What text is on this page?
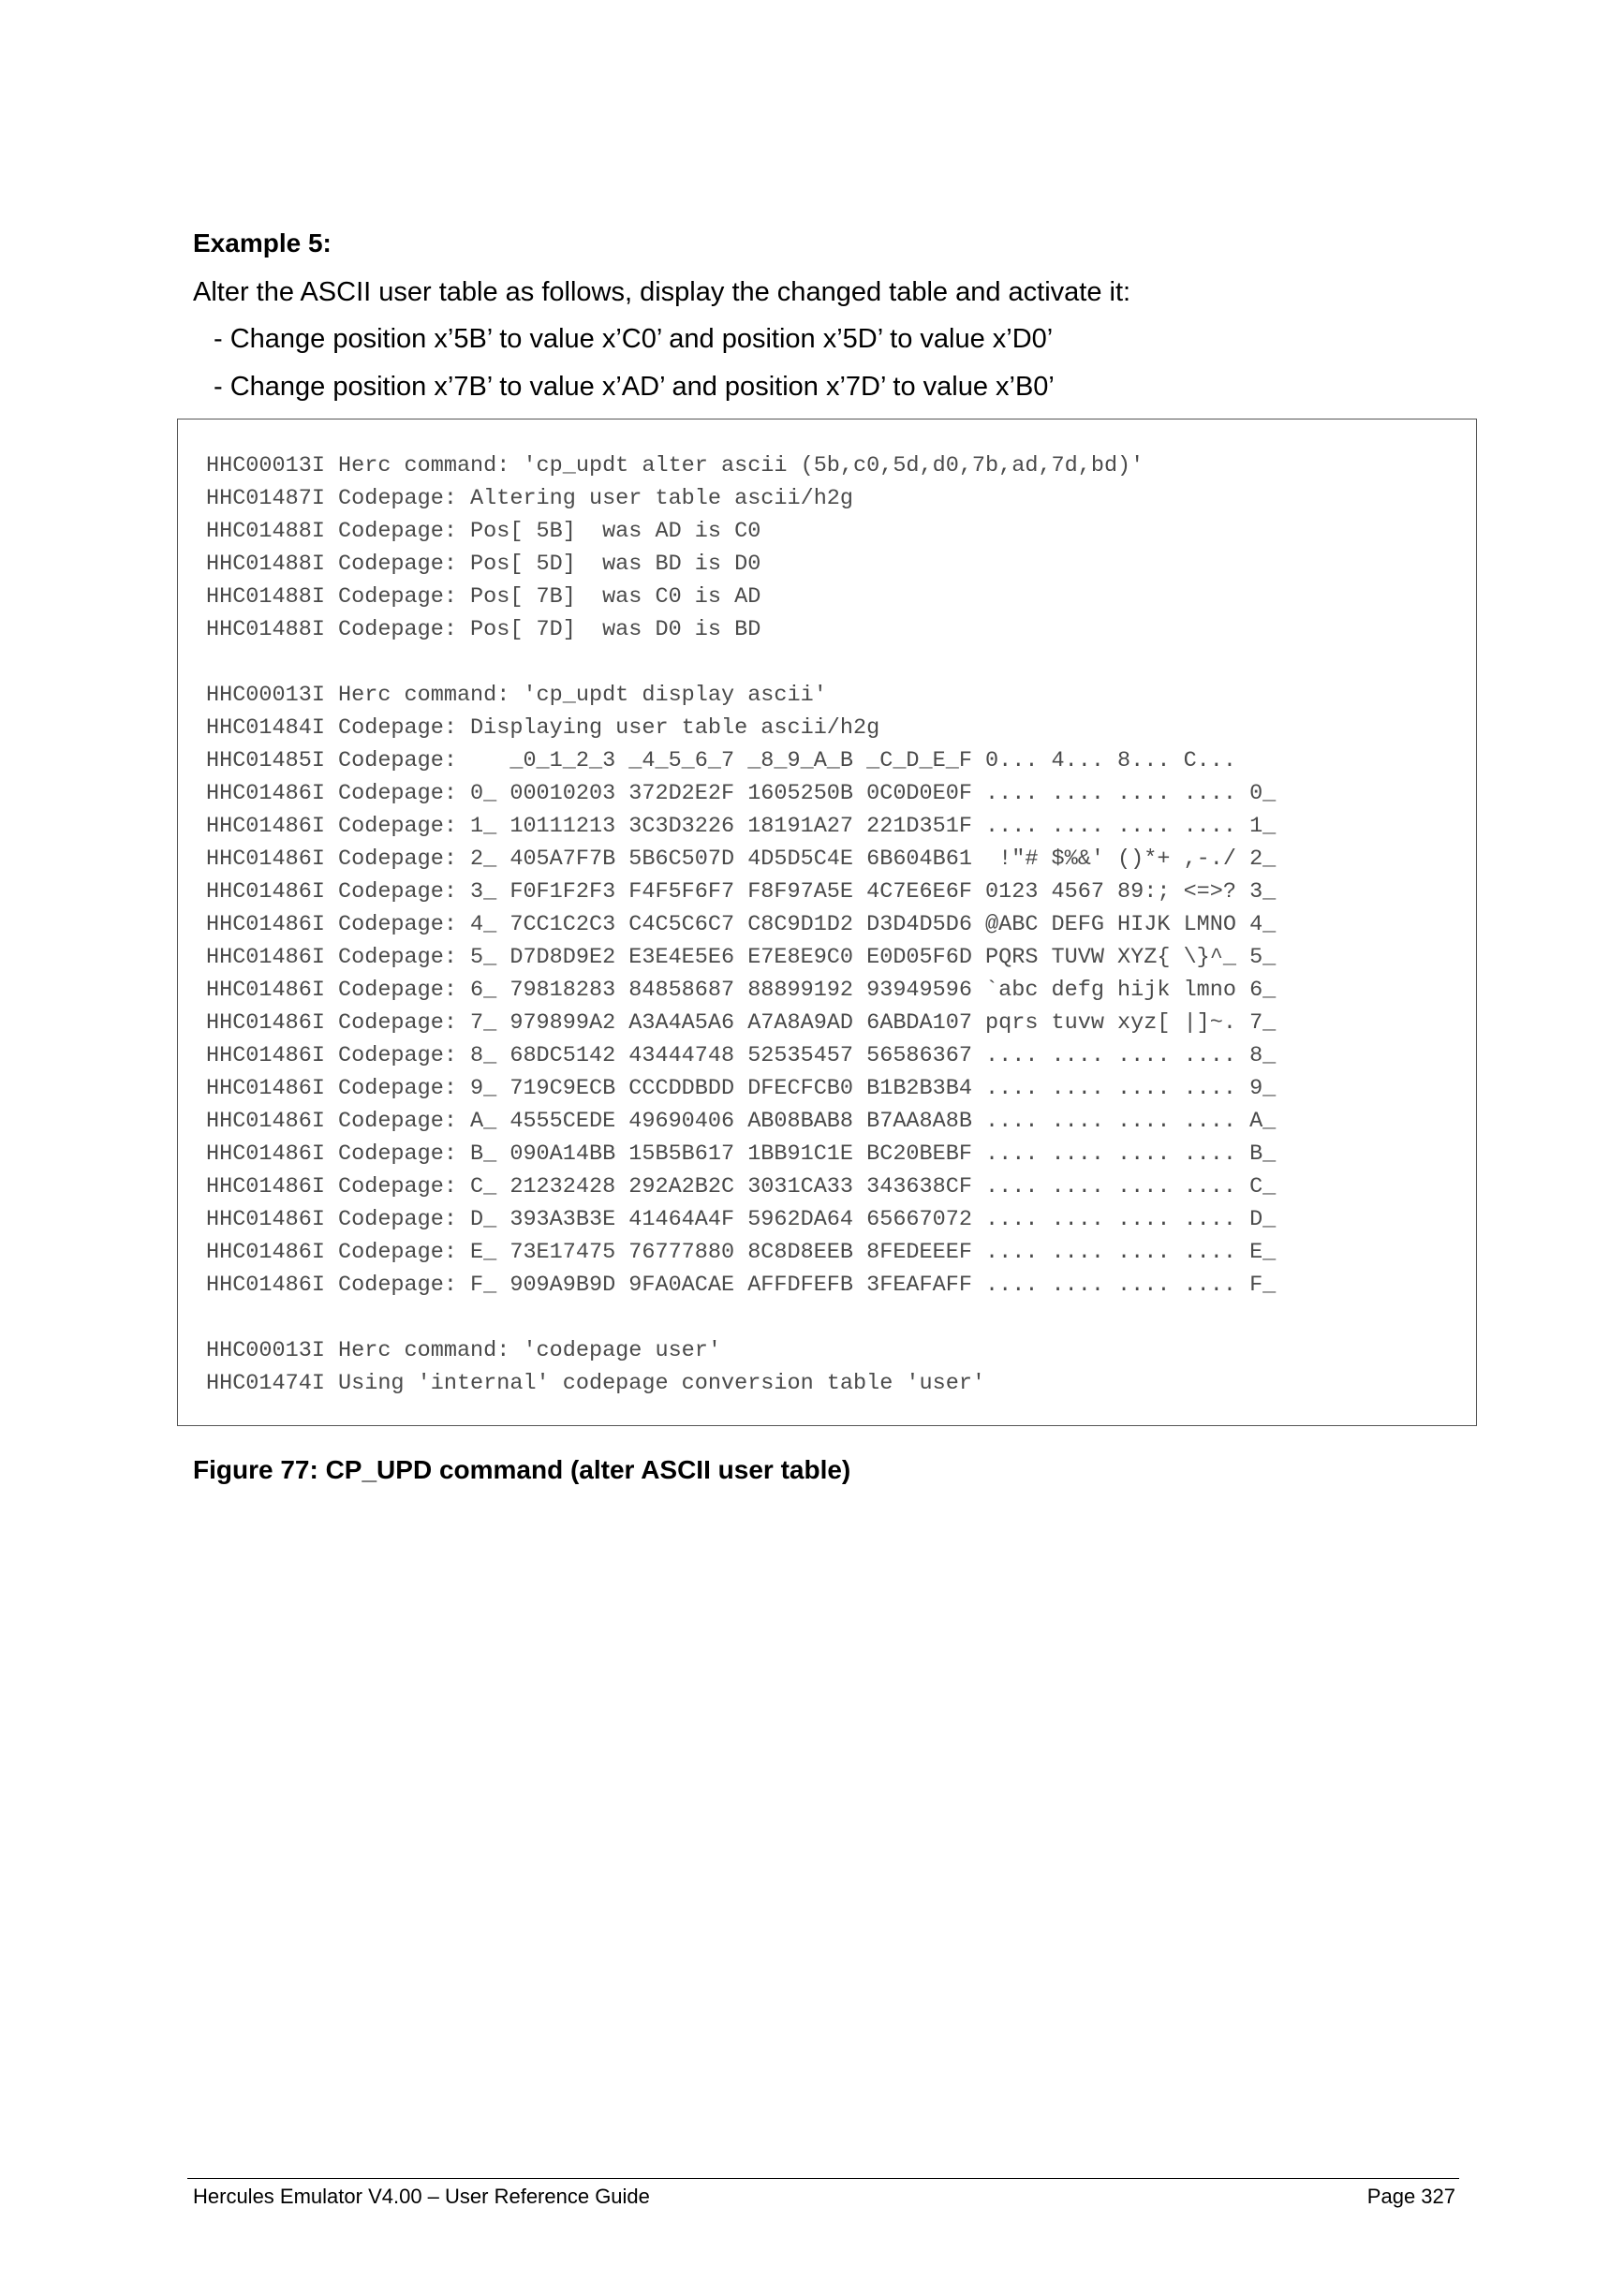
Example 5:

Alter the ASCII user table as follows, display the changed table and activate it:

- Change position x’5B’ to value x’C0’ and position x’5D’ to value x’D0’
- Change position x’7B’ to value x’AD’ and position x’7D’ to value x’B0’
HHC00013I Herc command: 'cp_updt alter ascii (5b,c0,5d,d0,7b,ad,7d,bd)'
HHC01487I Codepage: Altering user table ascii/h2g
HHC01488I Codepage: Pos[ 5B]  was AD is C0
HHC01488I Codepage: Pos[ 5D]  was BD is D0
HHC01488I Codepage: Pos[ 7B]  was C0 is AD
HHC01488I Codepage: Pos[ 7D]  was D0 is BD
HHC00013I Herc command: 'cp_updt display ascii'
HHC01484I Codepage: Displaying user table ascii/h2g
HHC01485I Codepage:    _0_1_2_3 _4_5_6_7 _8_9_A_B _C_D_E_F 0... 4... 8... C...
HHC01486I Codepage: 0_ 00010203 372D2E2F 1605250B 0C0D0E0F .... .... .... .... 0_
HHC01486I Codepage: 1_ 10111213 3C3D3226 18191A27 221D351F .... .... .... .... 1_
HHC01486I Codepage: 2_ 405A7F7B 5B6C507D 4D5D5C4E 6B604B61  !"# $%&' ()*+ ,-./ 2_
HHC01486I Codepage: 3_ F0F1F2F3 F4F5F6F7 F8F97A5E 4C7E6E6F 0123 4567 89:; <=>? 3_
HHC01486I Codepage: 4_ 7CC1C2C3 C4C5C6C7 C8C9D1D2 D3D4D5D6 @ABC DEFG HIJK LMNO 4_
HHC01486I Codepage: 5_ D7D8D9E2 E3E4E5E6 E7E8E9C0 E0D05F6D PQRS TUVW XYZ{ \}^_ 5_
HHC01486I Codepage: 6_ 79818283 84858687 88899192 93949596 `abc defg hijk lmno 6_
HHC01486I Codepage: 7_ 979899A2 A3A4A5A6 A7A8A9AD 6ABDA107 pqrs tuvw xyz[ |]~. 7_
HHC01486I Codepage: 8_ 68DC5142 43444748 52535457 56586367 .... .... .... .... 8_
HHC01486I Codepage: 9_ 719C9ECB CCCDDBDD DFECFCB0 B1B2B3B4 .... .... .... .... 9_
HHC01486I Codepage: A_ 4555CEDE 49690406 AB08BAB8 B7AA8A8B .... .... .... .... A_
HHC01486I Codepage: B_ 090A14BB 15B5B617 1BB91C1E BC20BEBF .... .... .... .... B_
HHC01486I Codepage: C_ 21232428 292A2B2C 3031CA33 343638CF .... .... .... .... C_
HHC01486I Codepage: D_ 393A3B3E 41464A4F 5962DA64 65667072 .... .... .... .... D_
HHC01486I Codepage: E_ 73E17475 76777880 8C8D8EEB 8FEDEEEF .... .... .... .... E_
HHC01486I Codepage: F_ 909A9B9D 9FA0ACAE AFFDFEFB 3FEAFAFF .... .... .... .... F_
HHC00013I Herc command: 'codepage user'
HHC01474I Using 'internal' codepage conversion table 'user'

Figure 77: CP_UPD command (alter ASCII user table)

Hercules Emulator V4.00 – User Reference Guide	Page 327
